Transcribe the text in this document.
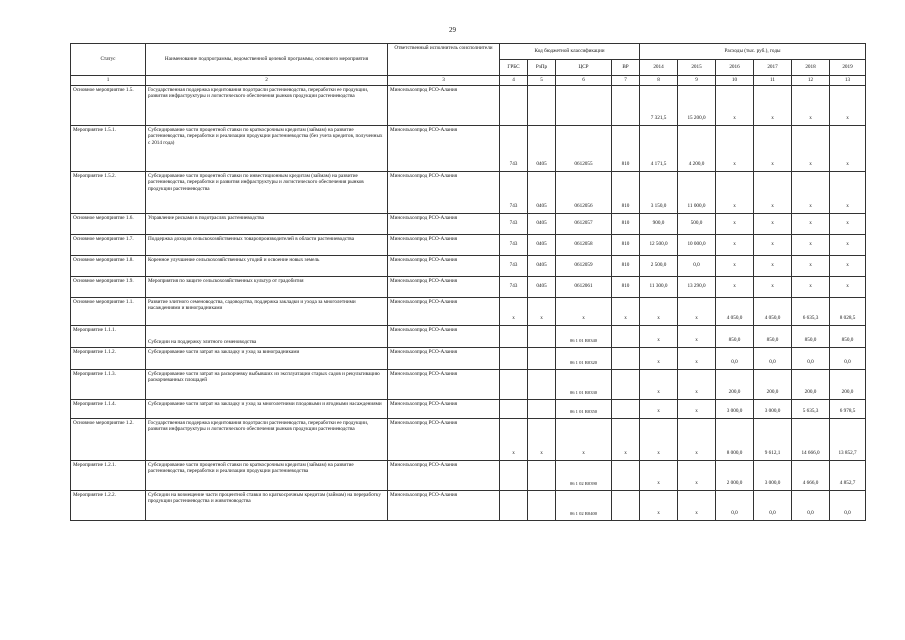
29
Статус	Наименование подпрограммы, ведомственной целевой программы, основного мероприятия	Ответственный исполнитель соисполнители	Код бюджетной классификации				Расходы (тыс. руб.), годы					
			ГРБС	РзПр	ЦСР	ВР	2014	2015	2016	2017	2018	2019
1	2	3	4	5	6	7	8	9	10	11	12	13
Основное мероприятие 1.5.	Государственная поддержка кредитования подотрасли растениеводства, переработки ее продукции, развития инфраструктуры и логистического обеспечения рынков продукции растениеводства	Минсельхозпрод РСО-Алания					7 321,5	15 200,0	х	х	х	х
Мероприятие 1.5.1.	Субсидирование части процентной ставки по краткосрочным кредитам (займам) на развитие растениеводства, переработки и реализации продукции растениеводства (без учета кредитов, полученных с 2014 года)	Минсельхозпрод РСО-Алания	743	0405	0612055	810	4 171,5	4 200,0	х	х	х	х
Мероприятие 1.5.2.	Субсидирование части процентной ставки по инвестиционным кредитам (займам) на развитие растениеводства, переработки и развития инфраструктуры и логистического обеспечения рынков продукции растениеводства	Минсельхозпрод РСО-Алания	743	0405	0612056	810	3 150,0	11 000,0	х	х	х	х
Основное мероприятие 1.6.	Управление рисками в подотраслях растениеводства	Минсельхозпрод РСО-Алания	743	0405	0612057	810	900,0	500,0	х	х	х	х
Основное мероприятие 1.7.	Поддержка доходов сельскохозяйственных товаропроизводителей в области растениеводства	Минсельхозпрод РСО-Алания	743	0405	0612058	810	12 500,0	10 000,0	х	х	х	х
Основное мероприятие 1.8.	Коренное улучшение сельскохозяйственных угодий и освоение новых земель	Минсельхозпрод РСО-Алания	743	0405	0612059	810	2 500,0	0,0	х	х	х	х
Основное мероприятие 1.9.	Мероприятия по защите сельскохозяйственных культур от градобития	Минсельхозпрод РСО-Алания	743	0405	0612061	810	11 300,0	13 290,0	х	х	х	х
Основное мероприятие 1.1.	Развитие элитного семеноводства, садоводства, поддержка закладки и ухода за многолетними насаждениями и виноградниками	Минсельхозпрод РСО-Алания	х	х	х	х	х	х	4 050,0	4 050,0	6 635,3	8 028,5
Мероприятие 1.1.1.	Субсидии на поддержку элитного семеноводства	Минсельхозпрод РСО-Алания			06 1 01 R0340		х	х	850,0	850,0	850,0	850,0
Мероприятие 1.1.2.	Субсидирование части затрат на закладку и уход за виноградниками	Минсельхозпрод РСО-Алания			06 1 01 R0320		х	х	0,0	0,0	0,0	0,0
Мероприятие 1.1.3.	Субсидирование части затрат на раскорчевку выбывших из эксплуатации старых садов и рекультивацию раскорчеванных площадей	Минсельхозпрод РСО-Алания			06 1 01 R0330		х	х	200,0	200,0	200,0	200,0
Мероприятие 1.1.4.	Субсидирование части затрат на закладку и уход за многолетними плодовыми и ягодными насаждениями	Минсельхозпрод РСО-Алания			06 1 01 R0350		х	х	3 000,0	3 000,0	5 635,3	6 978,5
Основное мероприятие 1.2.	Государственная поддержка кредитования подотрасли растениеводства, переработки ее продукции, развития инфраструктуры и логистического обеспечения рынков продукции растениеводства	Минсельхозпрод РСО-Алания	х	х	х	х	х	х	8 000,0	9 612,1	14 666,0	13 852,7
Мероприятие 1.2.1.	Субсидирование части процентной ставки по краткосрочным кредитам (займам) на развитие растениеводства, переработки и реализации продукции растениеводства	Минсельхозпрод РСО-Алания			06 1 02 R0390		х	х	2 000,0	3 000,0	4 666,0	4 852,7
Мероприятие 1.2.2.	Субсидии на возмещение части процентной ставки по краткосрочным кредитам (займам) на переработку продукции растениеводства и животноводства	Минсельхозпрод РСО-Алания			06 1 02 R0400		х	х	0,0	0,0	0,0	0,0
